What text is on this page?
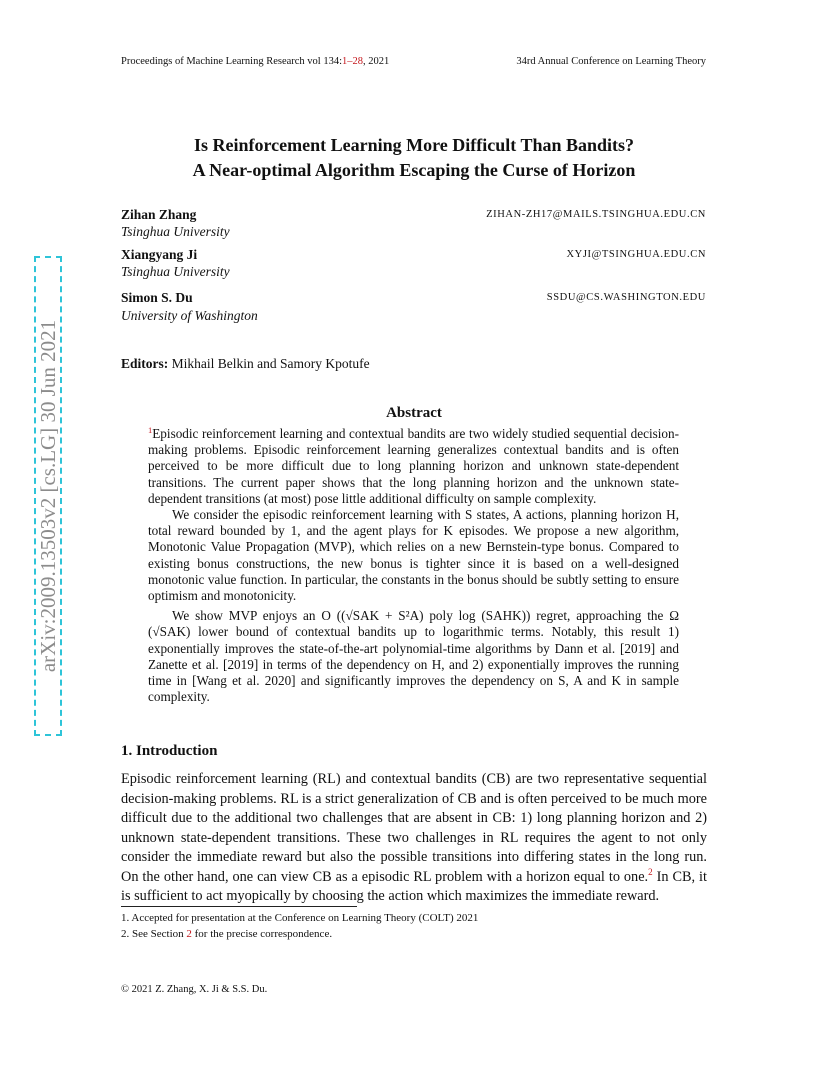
Proceedings of Machine Learning Research vol 134:1–28, 2021	34rd Annual Conference on Learning Theory
Is Reinforcement Learning More Difficult Than Bandits?
A Near-optimal Algorithm Escaping the Curse of Horizon
Zihan Zhang	ZIHAN-ZH17@MAILS.TSINGHUA.EDU.CN
Tsinghua University
Xiangyang Ji	XYJI@TSINGHUA.EDU.CN
Tsinghua University
Simon S. Du	SSDU@CS.WASHINGTON.EDU
University of Washington
Editors: Mikhail Belkin and Samory Kpotufe
Abstract

$^1$Episodic reinforcement learning and contextual bandits are two widely studied sequential decision-making problems. Episodic reinforcement learning generalizes contextual bandits and is often perceived to be more difficult due to long planning horizon and unknown state-dependent transitions. The current paper shows that the long planning horizon and the unknown state-dependent transitions (at most) pose little additional difficulty on sample complexity.

We consider the episodic reinforcement learning with S states, A actions, planning horizon H, total reward bounded by 1, and the agent plays for K episodes. We propose a new algorithm, Monotonic Value Propagation (MVP), which relies on a new Bernstein-type bonus. Compared to existing bonus constructions, the new bonus is tighter since it is based on a well-designed monotonic value function. In particular, the constants in the bonus should be subtly setting to ensure optimism and monotonicity.

We show MVP enjoys an O ((√SAK + S²A) poly log (SAHK)) regret, approaching the Ω (√SAK) lower bound of contextual bandits up to logarithmic terms. Notably, this result 1) exponentially improves the state-of-the-art polynomial-time algorithms by Dann et al. [2019] and Zanette et al. [2019] in terms of the dependency on H, and 2) exponentially improves the running time in [Wang et al. 2020] and significantly improves the dependency on S, A and K in sample complexity.

1. Introduction
Episodic reinforcement learning (RL) and contextual bandits (CB) are two representative sequential decision-making problems. RL is a strict generalization of CB and is often perceived to be much more difficult due to the additional two challenges that are absent in CB: 1) long planning horizon and 2) unknown state-dependent transitions. These two challenges in RL requires the agent to not only consider the immediate reward but also the possible transitions into differing states in the long run. On the other hand, one can view CB as a episodic RL problem with a horizon equal to one.$^2$ In CB, it is sufficient to act myopically by choosing the action which maximizes the immediate reward.
1. Accepted for presentation at the Conference on Learning Theory (COLT) 2021
2. See Section 2 for the precise correspondence.
© 2021 Z. Zhang, X. Ji & S.S. Du.
arXiv:2009.13503v2 [cs.LG] 30 Jun 2021
